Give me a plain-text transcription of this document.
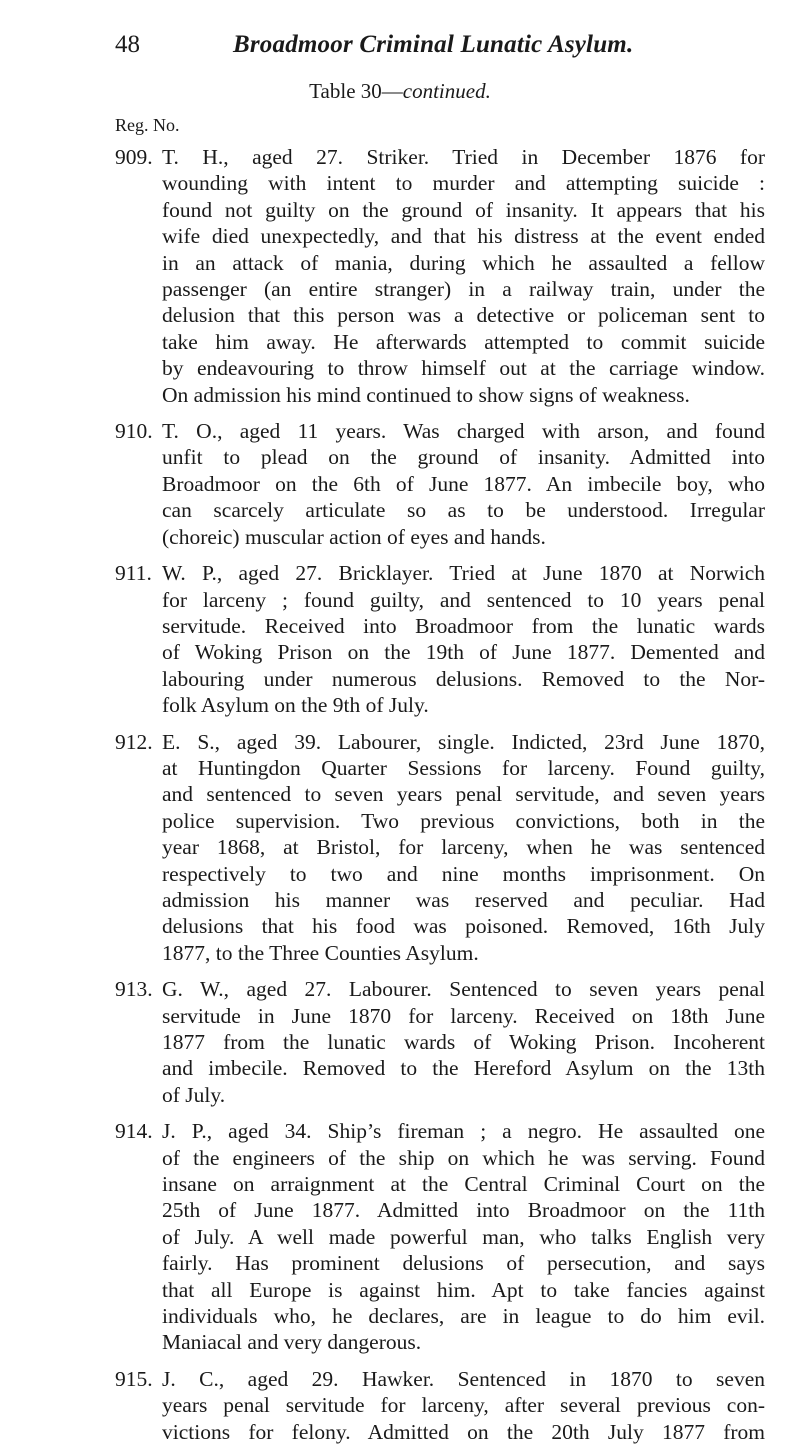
48	Broadmoor Criminal Lunatic Asylum.
Table 30—continued.
Reg. No.
909. T. H., aged 27. Striker. Tried in December 1876 for
wounding with intent to murder and attempting suicide :
found not guilty on the ground of insanity. It appears that his
wife died unexpectedly, and that his distress at the event ended
in an attack of mania, during which he assaulted a fellow
passenger (an entire stranger) in a railway train, under the
delusion that this person was a detective or policeman sent to
take him away. He afterwards attempted to commit suicide
by endeavouring to throw himself out at the carriage window.
On admission his mind continued to show signs of weakness.
910. T. O., aged 11 years. Was charged with arson, and found
unfit to plead on the ground of insanity. Admitted into
Broadmoor on the 6th of June 1877. An imbecile boy, who
can scarcely articulate so as to be understood. Irregular
(choreic) muscular action of eyes and hands.
911. W. P., aged 27. Bricklayer. Tried at June 1870 at Norwich
for larceny ; found guilty, and sentenced to 10 years penal
servitude. Received into Broadmoor from the lunatic wards
of Woking Prison on the 19th of June 1877. Demented and
labouring under numerous delusions. Removed to the Nor-
folk Asylum on the 9th of July.
912. E. S., aged 39. Labourer, single. Indicted, 23rd June 1870,
at Huntingdon Quarter Sessions for larceny. Found guilty,
and sentenced to seven years penal servitude, and seven years
police supervision. Two previous convictions, both in the
year 1868, at Bristol, for larceny, when he was sentenced
respectively to two and nine months imprisonment. On
admission his manner was reserved and peculiar. Had
delusions that his food was poisoned. Removed, 16th July
1877, to the Three Counties Asylum.
913. G. W., aged 27. Labourer. Sentenced to seven years penal
servitude in June 1870 for larceny. Received on 18th June
1877 from the lunatic wards of Woking Prison. Incoherent
and imbecile. Removed to the Hereford Asylum on the 13th
of July.
914. J. P., aged 34. Ship’s fireman ; a negro. He assaulted one
of the engineers of the ship on which he was serving. Found
insane on arraignment at the Central Criminal Court on the
25th of June 1877. Admitted into Broadmoor on the 11th
of July. A well made powerful man, who talks English very
fairly. Has prominent delusions of persecution, and says
that all Europe is against him. Apt to take fancies against
individuals who, he declares, are in league to do him evil.
Maniacal and very dangerous.
915. J. C., aged 29. Hawker. Sentenced in 1870 to seven
years penal servitude for larceny, after several previous con-
victions for felony. Admitted on the 20th July 1877 from
